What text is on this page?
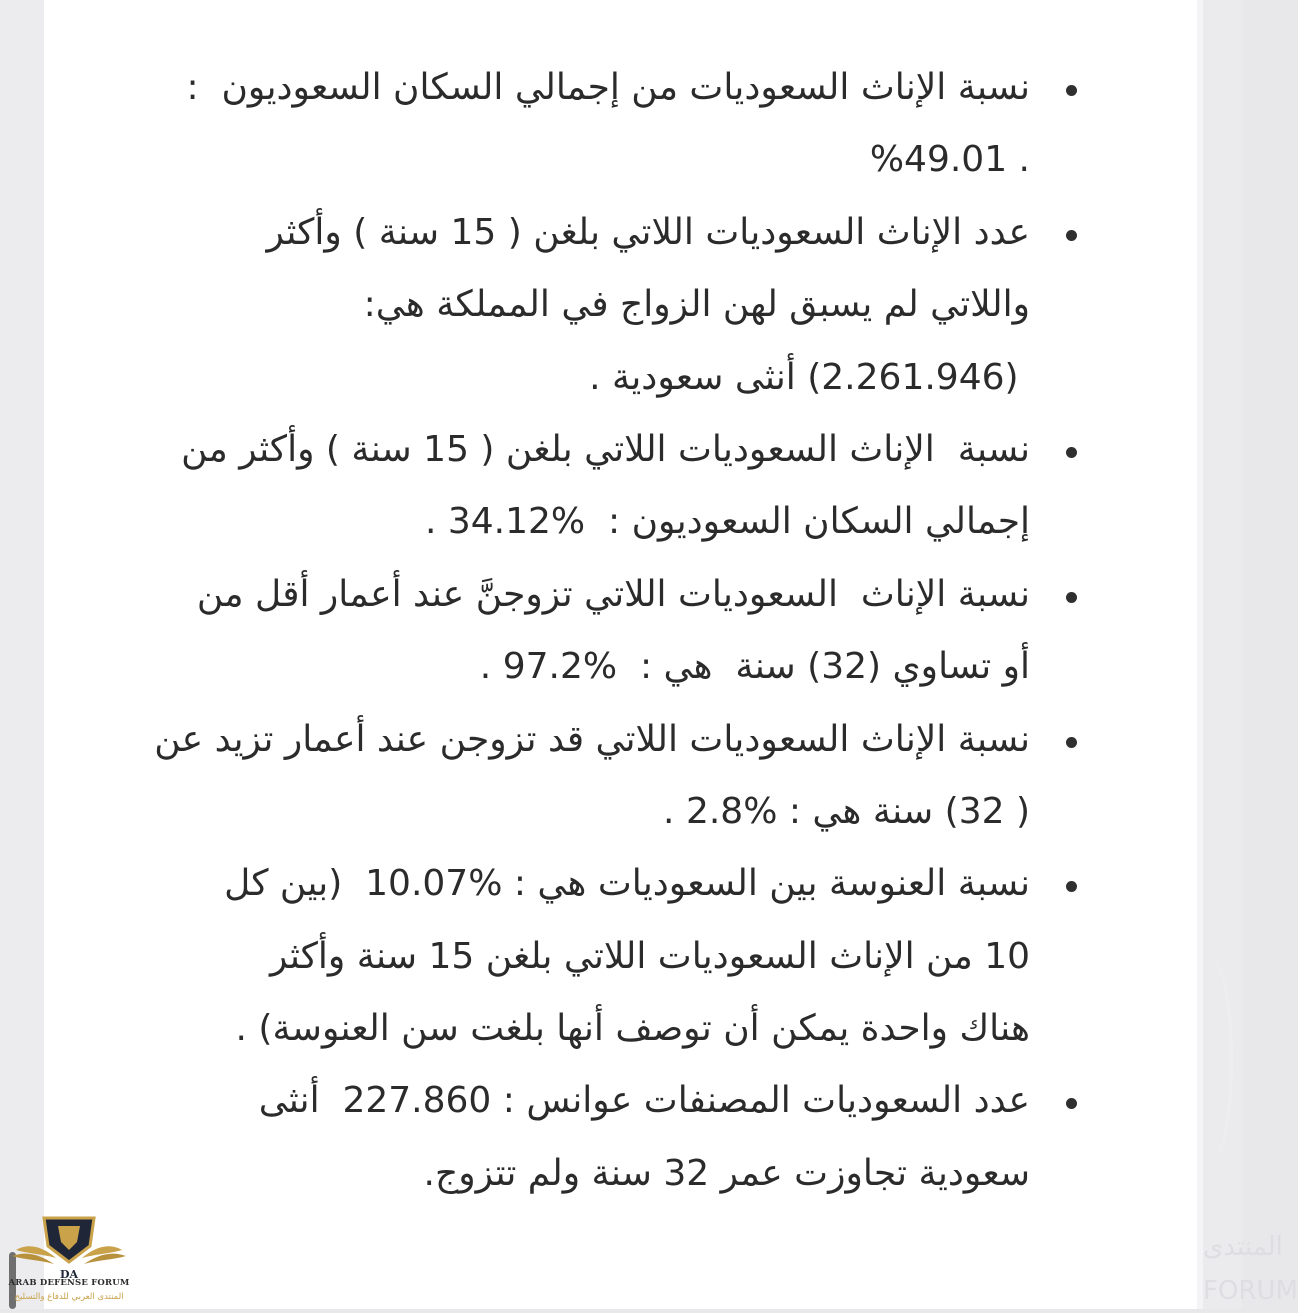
المنتدى
FORUM
نسبة الإناث السعوديات من إجمالي السكان السعوديون  :
%49.01 .
عدد الإناث السعوديات اللاتي بلغن ( 15 سنة ) وأكثر
واللاتي لم يسبق لهن الزواج في المملكة هي:
(2.261.946) أنثى سعودية .
نسبة  الإناث السعوديات اللاتي بلغن ( 15 سنة ) وأكثر من
إجمالي السكان السعوديون :  %34.12 .
نسبة الإناث  السعوديات اللاتي تزوجنَّ عند أعمار أقل من
أو تساوي (32) سنة  هي :  %97.2 .
نسبة الإناث السعوديات اللاتي قد تزوجن عند أعمار تزيد عن
( 32) سنة هي : %2.8 .
نسبة العنوسة بين السعوديات هي : %10.07  (بين كل
10 من الإناث السعوديات اللاتي بلغن 15 سنة وأكثر
هناك واحدة يمكن أن توصف أنها بلغت سن العنوسة) .
عدد السعوديات المصنفات عوانس : 227.860  أنثى
سعودية تجاوزت عمر 32 سنة ولم تتزوج.
DA
ARAB DEFENSE FORUM
المنتدى العربي للدفاع والتسليح
